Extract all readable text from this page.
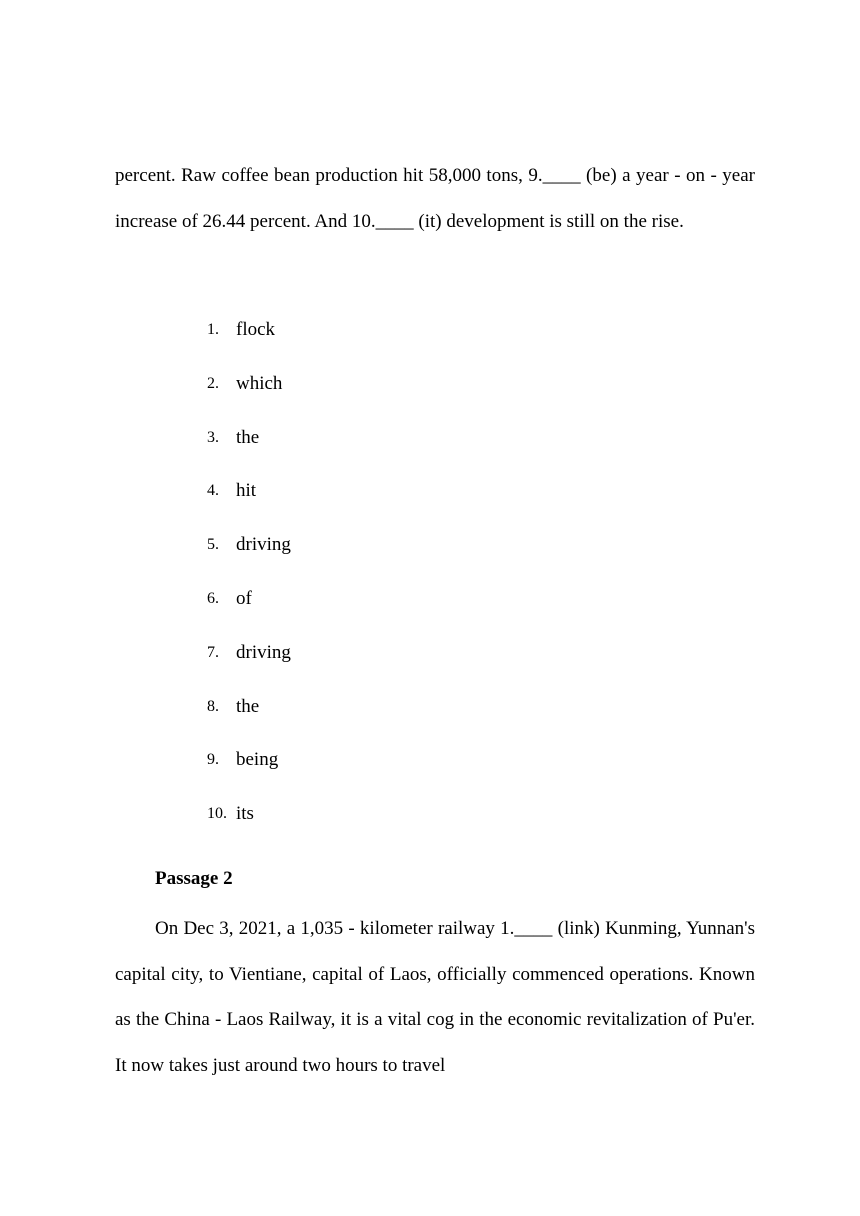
percent. Raw coffee bean production hit 58,000 tons, 9.____ (be) a year - on - year increase of 26.44 percent. And 10.____ (it) development is still on the rise.

1. flock
2. which
3. the
4. hit
5. driving
6. of
7. driving
8. the
9. being
10. its
Passage 2

On Dec 3, 2021, a 1,035 - kilometer railway 1.____ (link) Kunming, Yunnan's capital city, to Vientiane, capital of Laos, officially commenced operations. Known as the China - Laos Railway, it is a vital cog in the economic revitalization of Pu'er. It now takes just around two hours to travel
